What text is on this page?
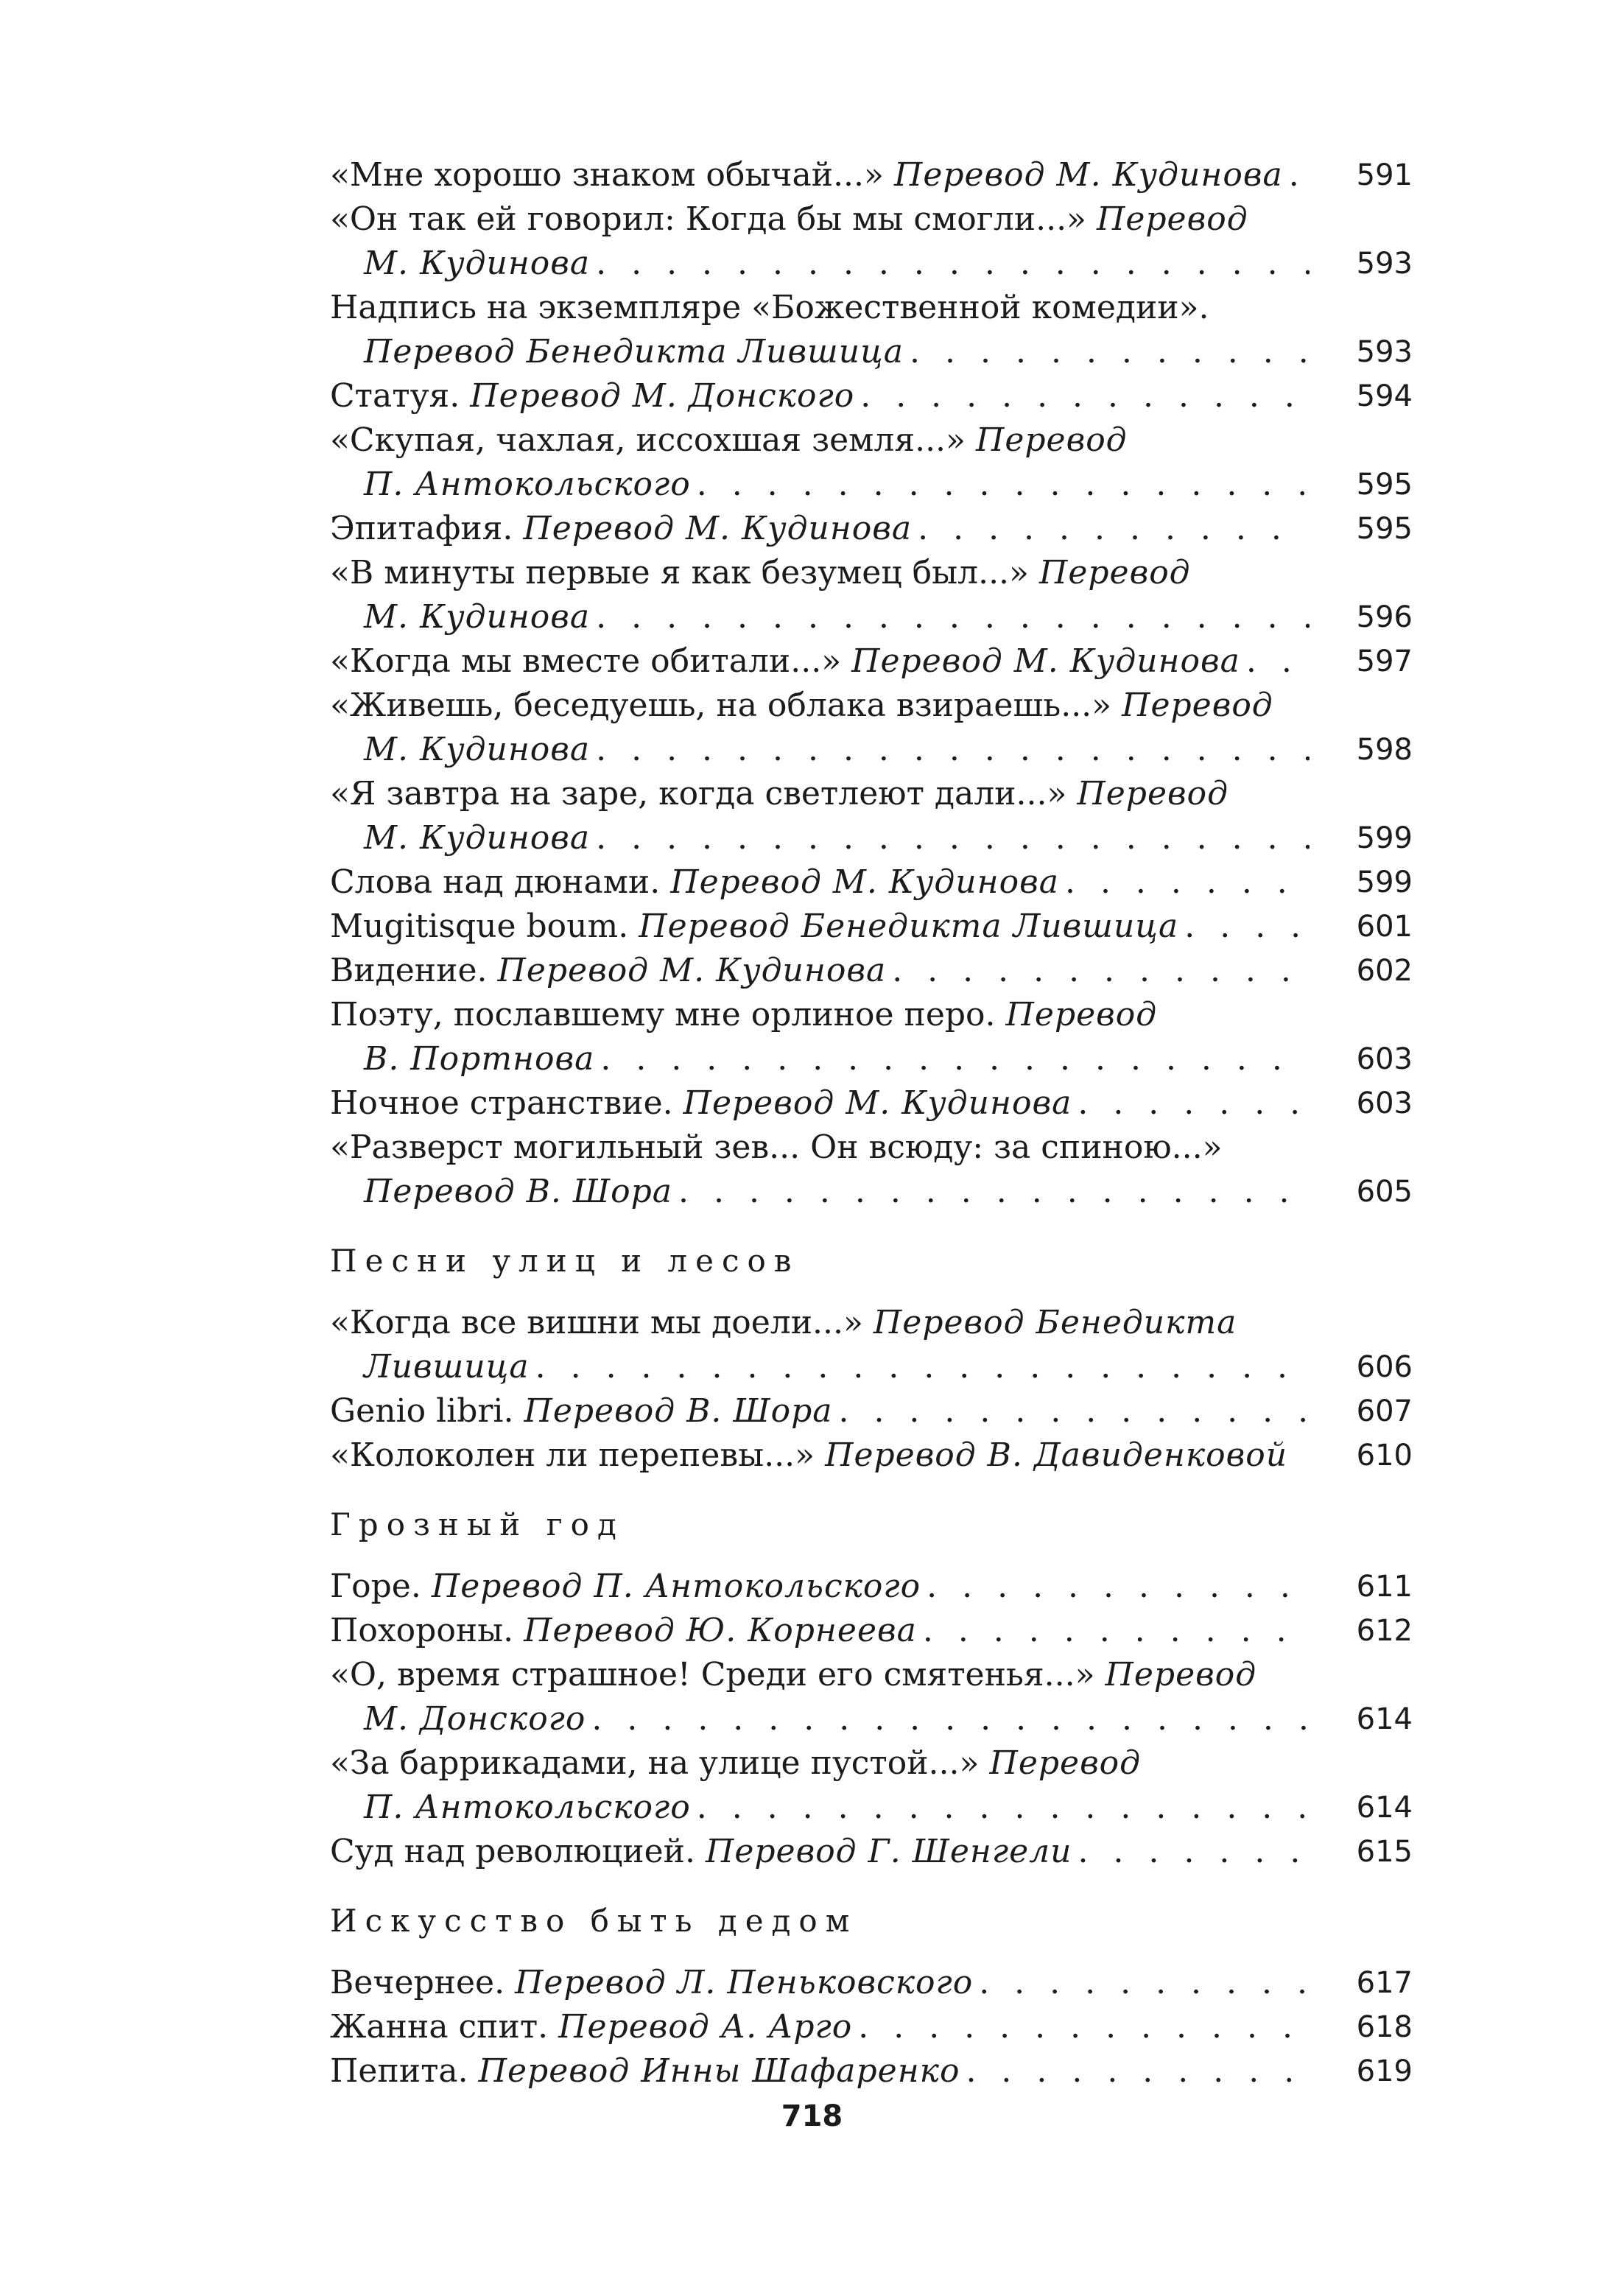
«Мне хорошо знаком обычай...» Перевод М. Кудинова . . .	591
«Он так ей говорил: Когда бы мы смогли...» Перевод
М. Кудинова . . .	593
Надпись на экземпляре «Божественной комедии».
Перевод Бенедикта Лившица . . .	593
Статуя. Перевод М. Донского . . .	594
«Скупая, чахлая, иссохшая земля...» Перевод
П. Антокольского . . .	595
Эпитафия. Перевод М. Кудинова . . .	595
«В минуты первые я как безумец был...» Перевод
М. Кудинова . . .	596
«Когда мы вместе обитали...» Перевод М. Кудинова . . .	597
«Живешь, беседуешь, на облака взираешь...» Перевод
М. Кудинова . . .	598
«Я завтра на заре, когда светлеют дали...» Перевод
М. Кудинова . . .	599
Слова над дюнами. Перевод М. Кудинова . . .	599
Mugitisque boum. Перевод Бенедикта Лившица . . .	601
Видение. Перевод М. Кудинова . . .	602
Поэту, пославшему мне орлиное перо. Перевод
В. Портнова . . .	603
Ночное странствие. Перевод М. Кудинова . . .	603
«Разверст могильный зев... Он всюду: за спиною...»
Перевод В. Шора . . .	605
Песни улиц и лесов
«Когда все вишни мы доели...» Перевод Бенедикта
Лившица . . .	606
Genio libri. Перевод В. Шора . . .	607
«Колоколен ли перепевы...» Перевод В. Давиденковой	610
Грозный год
Горе. Перевод П. Антокольского . . .	611
Похороны. Перевод Ю. Корнеева . . .	612
«О, время страшное! Среди его смятенья...» Перевод
М. Донского . . .	614
«За баррикадами, на улице пустой...» Перевод
П. Антокольского . . .	614
Суд над революцией. Перевод Г. Шенгели . . .	615
Искусство быть дедом
Вечернее. Перевод Л. Пеньковского . . .	617
Жанна спит. Перевод А. Арго . . .	618
Пепита. Перевод Инны Шафаренко . . .	619
718
